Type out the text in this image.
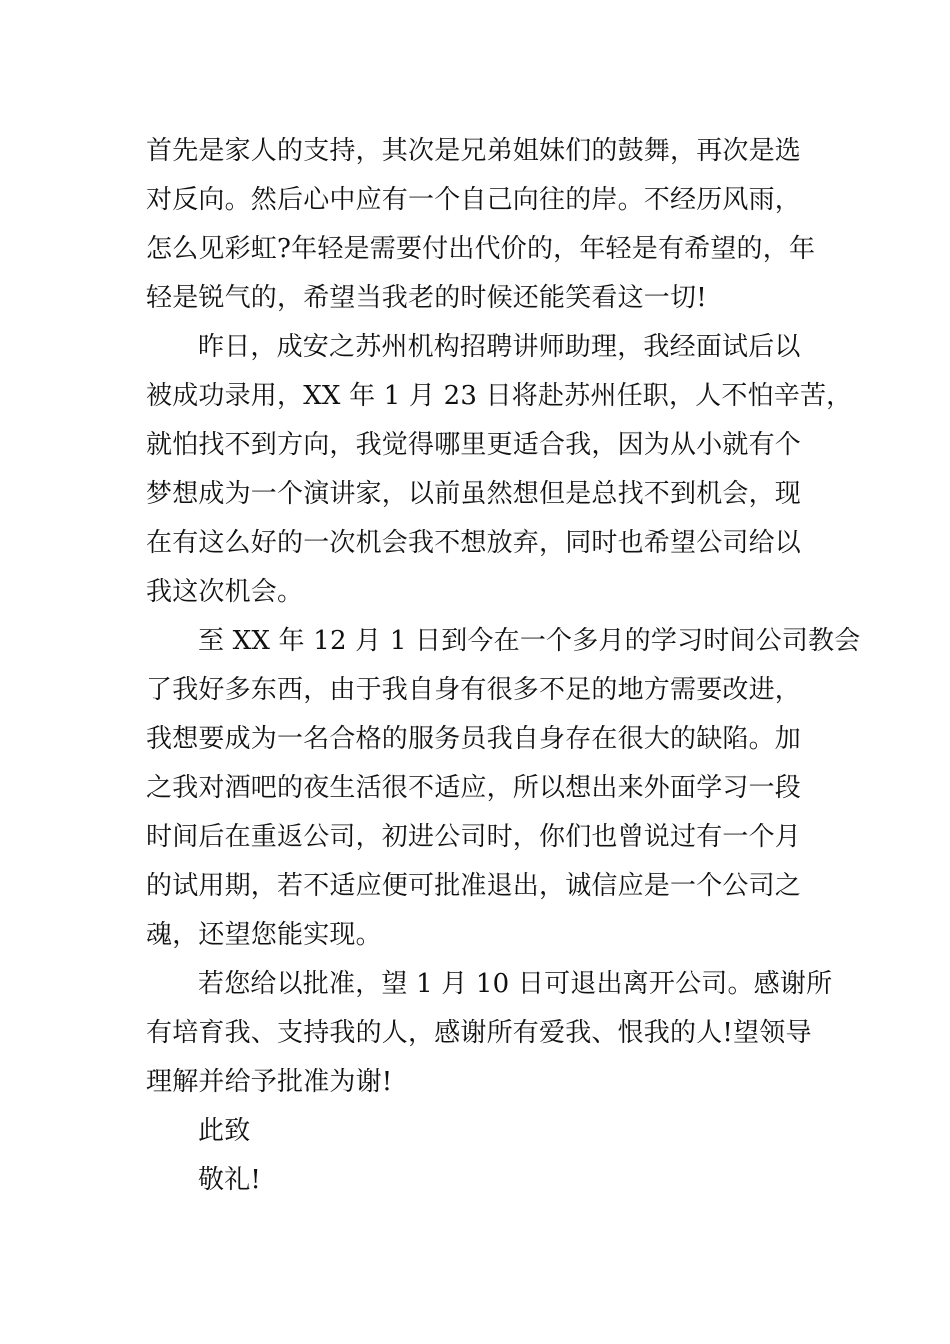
首先是家人的支持，其次是兄弟姐妹们的鼓舞，再次是选
对反向。然后心中应有一个自己向往的岸。不经历风雨，
怎么见彩虹?年轻是需要付出代价的，年轻是有希望的，年
轻是锐气的，希望当我老的时候还能笑看这一切!
昨日，成安之苏州机构招聘讲师助理，我经面试后以
被成功录用，XX 年 1 月 23 日将赴苏州任职，人不怕辛苦，
就怕找不到方向，我觉得哪里更适合我，因为从小就有个
梦想成为一个演讲家，以前虽然想但是总找不到机会，现
在有这么好的一次机会我不想放弃，同时也希望公司给以
我这次机会。
至 XX 年 12 月 1 日到今在一个多月的学习时间公司教会
了我好多东西，由于我自身有很多不足的地方需要改进，
我想要成为一名合格的服务员我自身存在很大的缺陷。加
之我对酒吧的夜生活很不适应，所以想出来外面学习一段
时间后在重返公司，初进公司时，你们也曾说过有一个月
的试用期，若不适应便可批准退出，诚信应是一个公司之
魂，还望您能实现。
若您给以批准，望 1 月 10 日可退出离开公司。感谢所
有培育我、支持我的人，感谢所有爱我、恨我的人!望领导
理解并给予批准为谢!
此致
敬礼!
